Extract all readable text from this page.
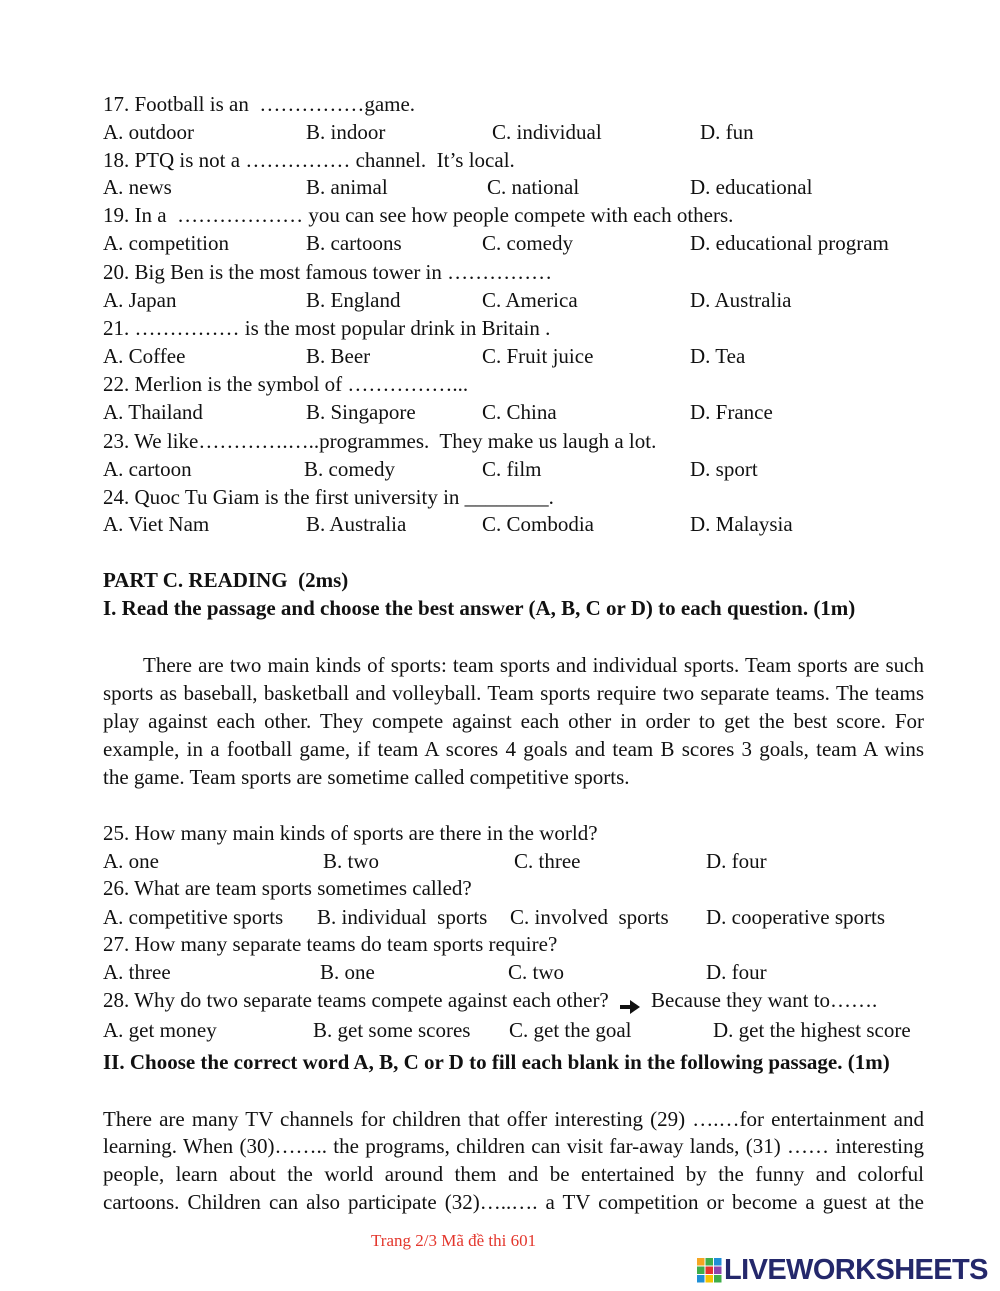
17. Football is an  ……………game.
A. outdoor	B. indoor	C. individual	D. fun
18. PTQ is not a …………… channel.  It’s local.
A. news	B. animal	C. national	D. educational
19. In a  ……………… you can see how people compete with each others.
A. competition	B. cartoons	C. comedy	D. educational program
20. Big Ben is the most famous tower in ……………
A. Japan	B. England	C. America	D. Australia
21. …………… is the most popular drink in Britain .
A. Coffee	B. Beer	C. Fruit juice	D. Tea
22. Merlion is the symbol of ……………...
A. Thailand	B. Singapore	C. China	D. France
23. We like………….…..programmes.  They make us laugh a lot.
A. cartoon	B. comedy	C. film	D. sport
24. Quoc Tu Giam is the first university in ________.
A. Viet Nam	B. Australia	C. Combodia	D. Malaysia
PART C. READING  (2ms)
I. Read the passage and choose the best answer (A, B, C or D) to each question. (1m)
There are two main kinds of sports: team sports and individual sports. Team sports are such
sports as baseball, basketball and volleyball. Team sports require two separate teams. The teams
play against each other. They compete against each other in order to get the best score. For
example, in a football game, if team A scores 4 goals and team B scores 3 goals, team A wins
the game. Team sports are sometime called competitive sports.
25. How many main kinds of sports are there in the world?
A. one	B. two	C. three	D. four
26. What are team sports sometimes called?
A. competitive sports B. individual  sports C. involved  sports D. cooperative sports
27. How many separate teams do team sports require?
A. three	B. one	C. two	D. four
28. Why do two separate teams compete against each other? Because they want to…….
A. get money	B. get some scores C. get the goal	D. get the highest score
II. Choose the correct word A, B, C or D to fill each blank in the following passage. (1m)
There are many TV channels for children that offer interesting (29) ….…for entertainment and
learning. When (30)…….. the programs, children can visit far-away lands, (31) …… interesting
people, learn about the world around them and be entertained by the funny and colorful
cartoons. Children can also participate (32)…..…. a TV competition or become a guest at the
Trang 2/3 Mã đề thi 601
LIVEWORKSHEETS
